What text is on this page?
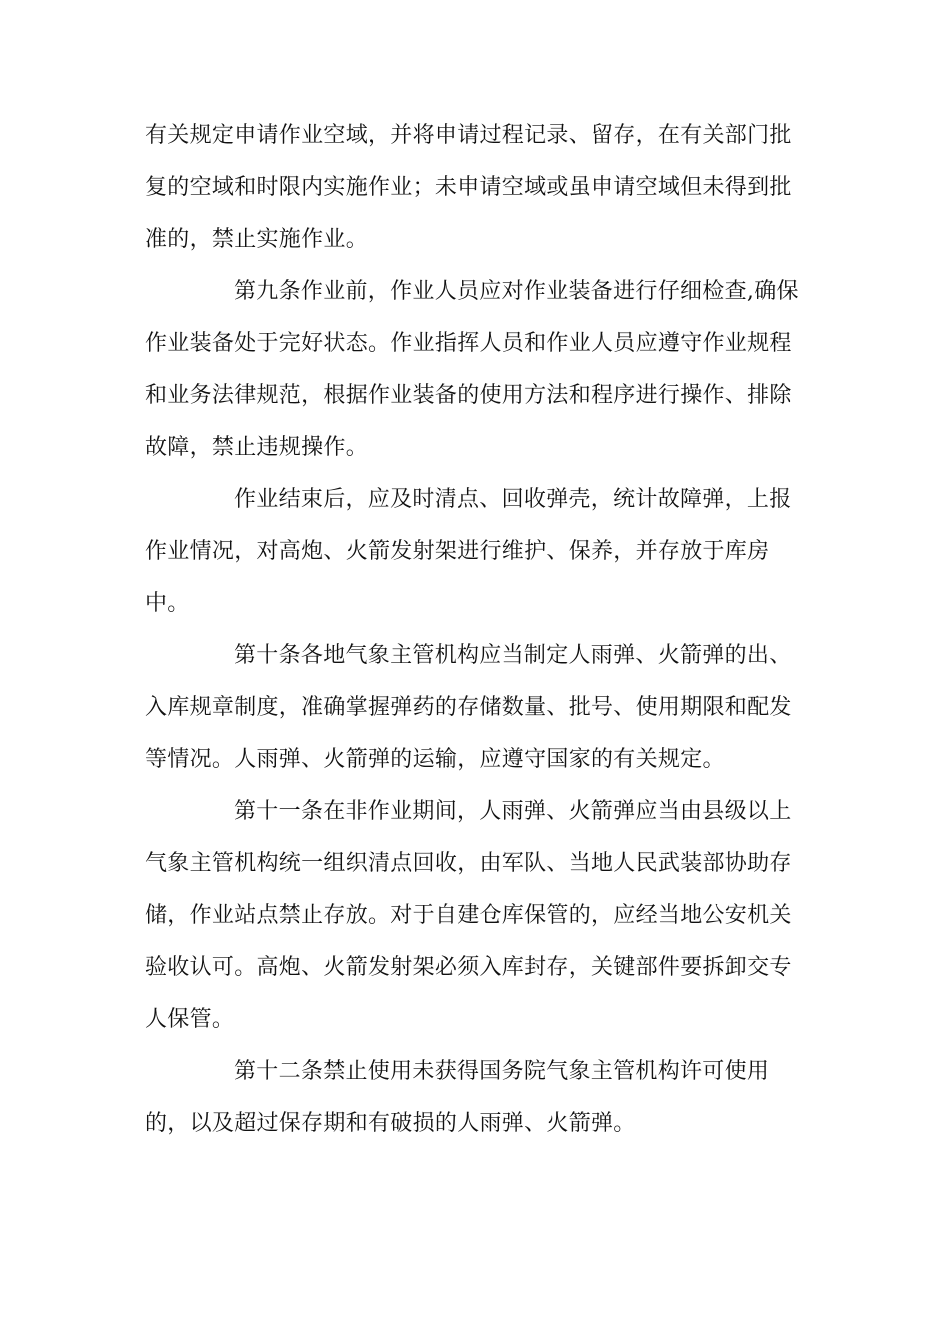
有关规定申请作业空域，并将申请过程记录、留存，在有关部门批
复的空域和时限内实施作业；未申请空域或虽申请空域但未得到批
准的，禁止实施作业。
第九条作业前，作业人员应对作业装备进行仔细检查,确保
作业装备处于完好状态。作业指挥人员和作业人员应遵守作业规程
和业务法律规范，根据作业装备的使用方法和程序进行操作、排除
故障，禁止违规操作。
作业结束后，应及时清点、回收弹壳，统计故障弹，上报
作业情况，对高炮、火箭发射架进行维护、保养，并存放于库房
中。
第十条各地气象主管机构应当制定人雨弹、火箭弹的出、
入库规章制度，准确掌握弹药的存储数量、批号、使用期限和配发
等情况。人雨弹、火箭弹的运输，应遵守国家的有关规定。
第十一条在非作业期间，人雨弹、火箭弹应当由县级以上
气象主管机构统一组织清点回收，由军队、当地人民武装部协助存
储，作业站点禁止存放。对于自建仓库保管的，应经当地公安机关
验收认可。高炮、火箭发射架必须入库封存，关键部件要拆卸交专
人保管。
第十二条禁止使用未获得国务院气象主管机构许可使用
的，以及超过保存期和有破损的人雨弹、火箭弹。
